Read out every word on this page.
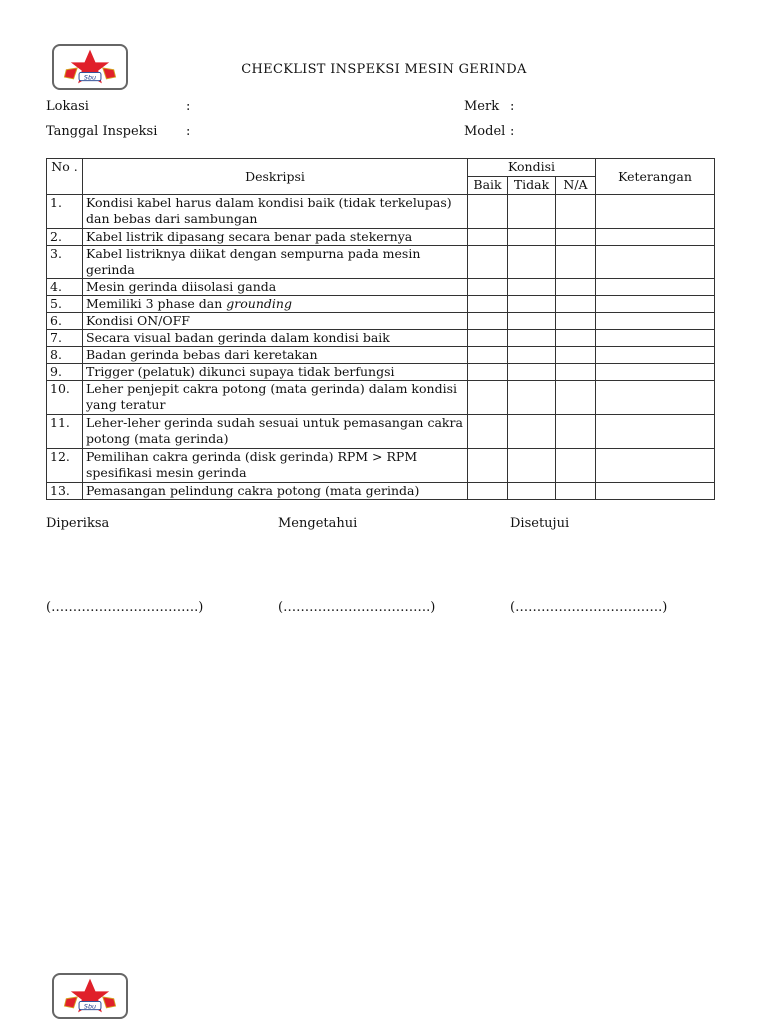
Sbu
CHECKLIST INSPEKSI MESIN GERINDA
Lokasi	:
Tanggal Inspeksi :
Merk :
Model :
No .	Deskripsi	Kondisi			Keterangan
		Baik	Tidak	N/A	
1.	Kondisi kabel harus dalam kondisi baik (tidak terkelupas) dan bebas dari sambungan				
2.	Kabel listrik dipasang secara benar pada stekernya				
3.	Kabel listriknya diikat dengan sempurna pada mesin gerinda				
4.	Mesin gerinda diisolasi ganda				
5.	Memiliki 3 phase dan grounding				
6.	Kondisi ON/OFF				
7.	Secara visual badan gerinda dalam kondisi baik				
8.	Badan gerinda bebas dari keretakan				
9.	Trigger (pelatuk) dikunci supaya tidak berfungsi				
10.	Leher penjepit cakra potong (mata gerinda) dalam kondisi yang teratur				
11.	Leher-leher gerinda sudah sesuai untuk pemasangan cakra potong (mata gerinda)				
12.	Pemilihan cakra gerinda (disk gerinda) RPM > RPM spesifikasi mesin gerinda				
13.	Pemasangan pelindung cakra potong (mata gerinda)				
Diperiksa	Mengetahui	Disetujui
(…………………………….)	(…………………………….)	(…………………………….)
Sbu
